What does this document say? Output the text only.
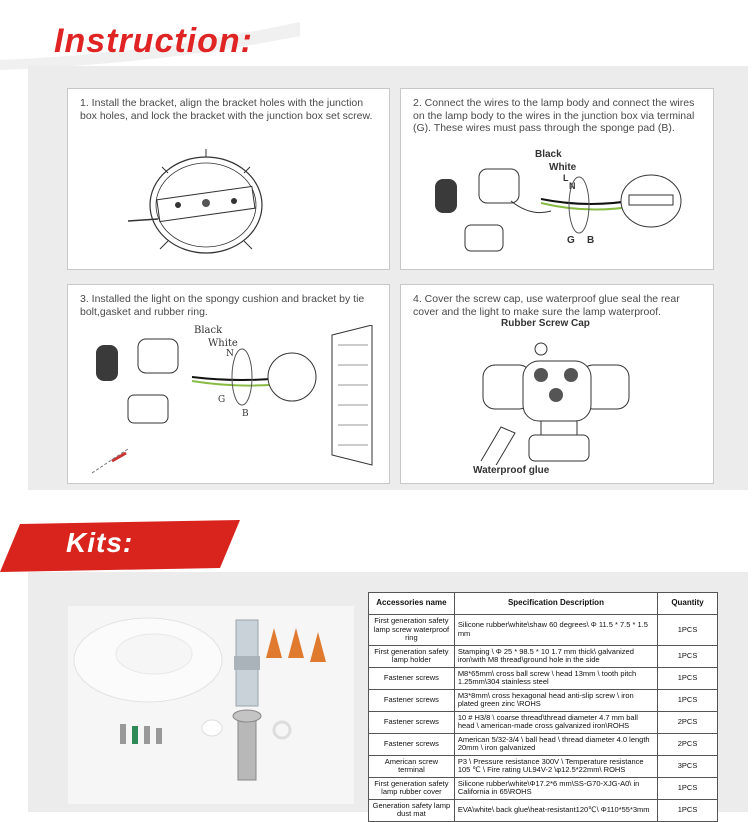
Instruction:
1. Install the bracket, align the bracket holes with the junction box holes, and lock the bracket with the junction box set screw.
2. Connect the wires to the lamp body and connect the wires on the lamp body to the wires in the junction box via terminal (G). These wires must pass through the sponge pad (B).
Black
White
L
N
G B
3. Installed the light on the spongy cushion and bracket by tie bolt,gasket and rubber ring.
Black
White
N
G
B
4. Cover the screw cap, use waterproof glue seal the rear cover and the light to make sure the lamp waterproof.
Rubber Screw Cap
Waterproof glue
Kits:
Accessories name	Specification Description	Quantity
First generation safety lamp screw waterproof ring	Silicone rubber\white\shaw 60 degrees\ Φ 11.5 * 7.5 * 1.5 mm	1PCS
First generation safety lamp holder	Stamping \ Φ 25 * 98.5 * 10 1.7 mm thick\ galvanized iron\with M8 thread\ground hole in the side	1PCS
Fastener screws	M8*65mm\ cross ball screw \ head 13mm \ tooth pitch 1.25mm\304 stainless steel	1PCS
Fastener screws	M3*8mm\ cross hexagonal head anti-slip screw \ iron plated green zinc \ROHS	1PCS
Fastener screws	10 # H3/8 \ coarse thread\thread diameter 4.7 mm ball head \ american-made cross galvanized iron\ROHS	2PCS
Fastener screws	American 5/32-3/4 \ ball head \ thread diameter 4.0 length 20mm \ iron galvanized	2PCS
American screw terminal	P3 \ Pressure resistance 300V \ Temperature resistance 105 ℃ \ Fire rating UL94V-2 \φ12.5*22mm\ ROHS	3PCS
First generation safety lamp rubber cover	Silicone rubber\white\Φ17.2*6 mm\SS-G70-XJG-A0\ in California in 65\ROHS	1PCS
Generation safety lamp dust mat	EVA\white\ back glue\heat-resistant120℃\ Φ110*55*3mm	1PCS
